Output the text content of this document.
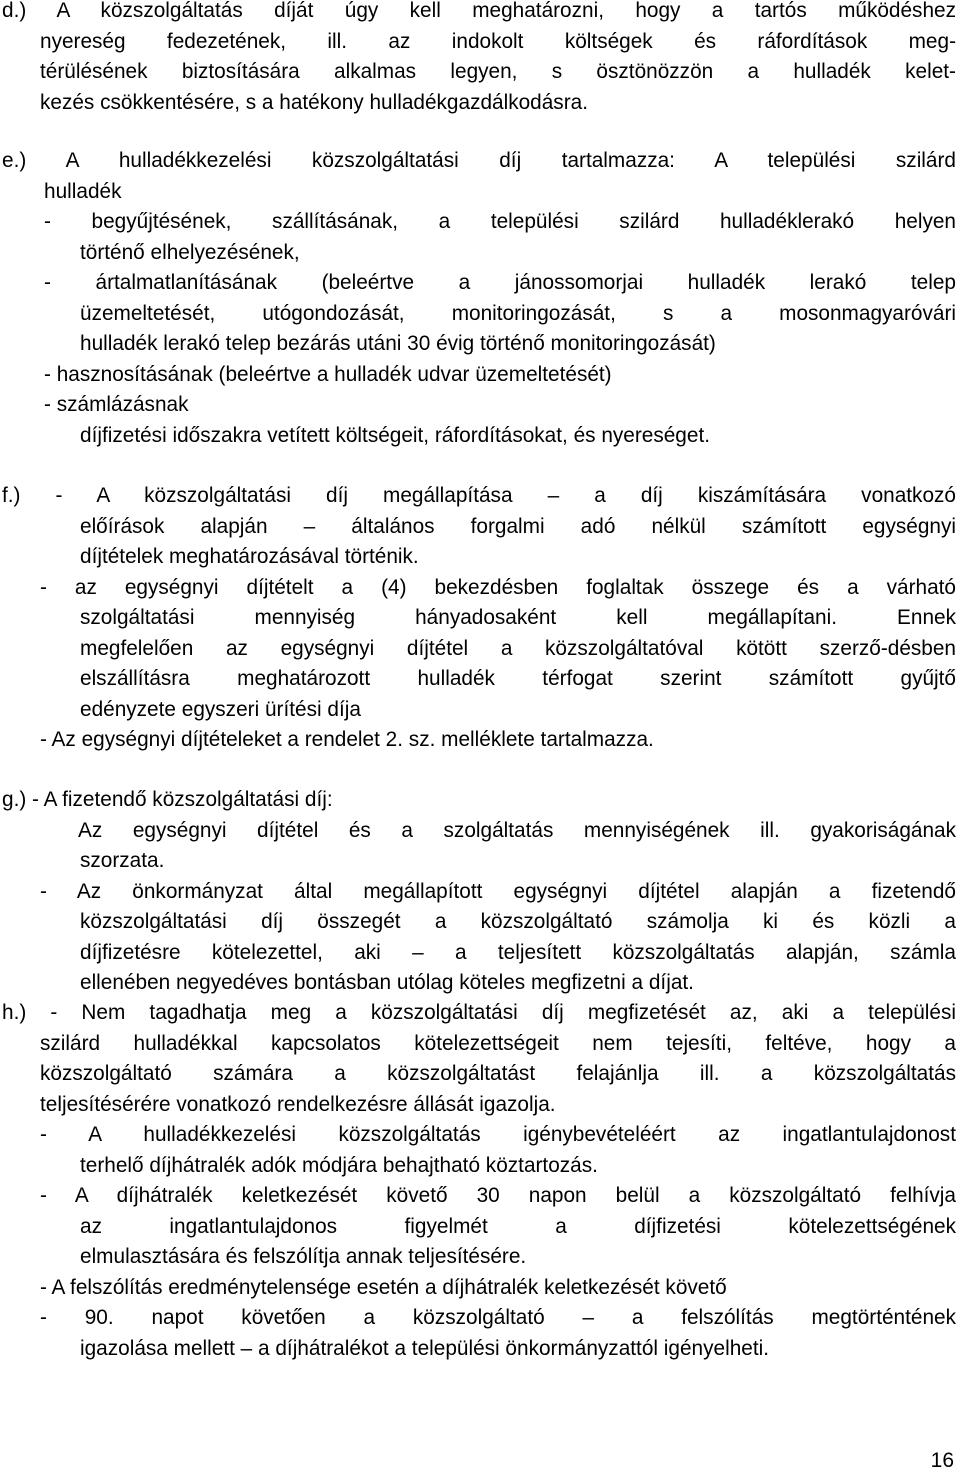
d.) A közszolgáltatás díját úgy kell meghatározni, hogy a tartós működéshez
nyereség fedezetének, ill. az indokolt költségek és ráfordítások meg-
térülésének biztosítására alkalmas legyen, s ösztönözzön a hulladék kelet-
kezés csökkentésére, s a hatékony hulladékgazdálkodásra.
e.) A hulladékkezelési közszolgáltatási díj tartalmazza: A települési szilárd
hulladék
- begyűjtésének, szállításának, a települési szilárd hulladéklerakó helyen
történő elhelyezésének,
- ártalmatlanításának (beleértve a jánossomorjai hulladék lerakó telep
üzemeltetését, utógondozását, monitoringozását, s a mosonmagyaróvári
hulladék lerakó telep bezárás utáni 30 évig történő monitoringozását)
- hasznosításának (beleértve a hulladék udvar üzemeltetését)
- számlázásnak
díjfizetési időszakra vetített költségeit, ráfordításokat, és nyereséget.
f.) - A közszolgáltatási díj megállapítása – a díj kiszámítására vonatkozó
előírások alapján – általános forgalmi adó nélkül számított egységnyi
díjtételek meghatározásával történik.
- az egységnyi díjtételt a (4) bekezdésben foglaltak összege és a várható
szolgáltatási mennyiség hányadosaként kell megállapítani. Ennek
megfelelően az egységnyi díjtétel a közszolgáltatóval kötött szerző-désben
elszállításra meghatározott hulladék térfogat szerint számított gyűjtő
edényzete egyszeri ürítési díja
- Az egységnyi díjtételeket a rendelet 2. sz. melléklete tartalmazza.
g.) - A fizetendő közszolgáltatási díj:
Az egységnyi díjtétel és a szolgáltatás mennyiségének ill. gyakoriságának
szorzata.
- Az önkormányzat által megállapított egységnyi díjtétel alapján a fizetendő
közszolgáltatási díj összegét a közszolgáltató számolja ki és közli a
díjfizetésre kötelezettel, aki – a teljesített közszolgáltatás alapján, számla
ellenében negyedéves bontásban utólag köteles megfizetni a díjat.
h.) - Nem tagadhatja meg a közszolgáltatási díj megfizetését az, aki a települési
szilárd hulladékkal kapcsolatos kötelezettségeit nem tejesíti, feltéve, hogy a
közszolgáltató számára a közszolgáltatást felajánlja ill. a közszolgáltatás
teljesítésérére vonatkozó rendelkezésre állását igazolja.
- A hulladékkezelési közszolgáltatás igénybevételéért az ingatlantulajdonost
terhelő díjhátralék adók módjára behajtható köztartozás.
- A díjhátralék keletkezését követő 30 napon belül a közszolgáltató felhívja
az ingatlantulajdonos figyelmét a díjfizetési kötelezettségének
elmulasztására és felszólítja annak teljesítésére.
- A felszólítás eredménytelensége esetén a díjhátralék keletkezését követő
- 90. napot követően a közszolgáltató – a felszólítás megtörténtének
igazolása mellett – a díjhátralékot a települési önkormányzattól igényelheti.
16
